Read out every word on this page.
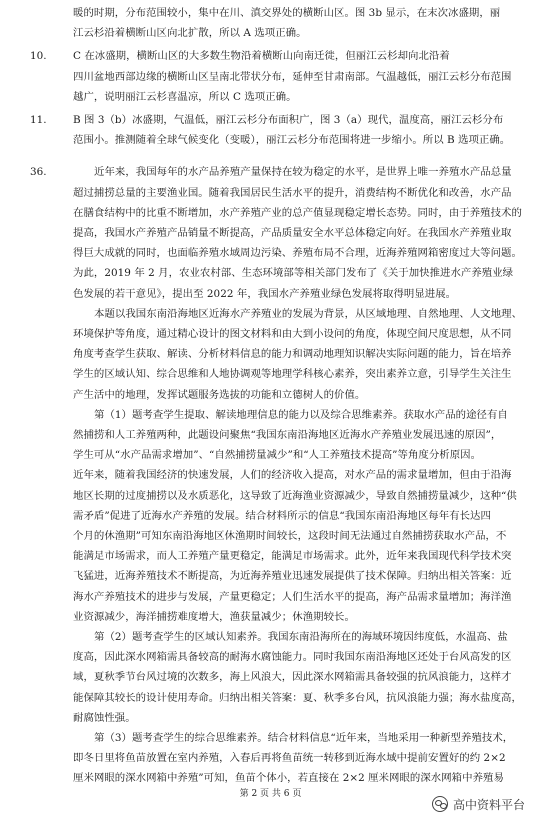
暖的时期，分布范围较小，集中在川、滇交界处的横断山区。图 3b 显示，在末次冰盛期，丽
江云杉沿着横断山区向北扩散，所以 A 选项正确。
C 在冰盛期，横断山区的大多数生物沿着横断山向南迁徙，但丽江云杉却向北沿着
10.
四川盆地西部边缘的横断山区呈南北带状分布，延伸至甘肃南部。气温越低，丽江云杉分布范围
越广，说明丽江云杉喜温凉，所以 C 选项正确。
B 图 3（b）冰盛期，气温低，丽江云杉分布面积广，图 3（a）现代，温度高，丽江云杉分布
11.
范围小。推测随着全球气候变化（变暖），丽江云杉分布范围将进一步缩小。所以 B 选项正确。
近年来，我国每年的水产品养殖产量保持在较为稳定的水平，是世界上唯一养殖水产品总量
36.
超过捕捞总量的主要渔业国。随着我国居民生活水平的提升，消费结构不断优化和改善，水产品
在膳食结构中的比重不断增加，水产养殖产业的总产值显现稳定增长态势。同时，由于养殖技术的
提高，我国水产养殖产品销量不断提高，产品质量安全水平总体稳定向好。在我国水产养殖业取
得巨大成就的同时，也面临养殖水域周边污染、养殖布局不合理，近海养殖网箱密度过大等问题。
为此，2019 年 2 月，农业农村部、生态环境部等相关部门发布了《关于加快推进水产养殖业绿
色发展的若干意见》，提出至 2022 年，我国水产养殖业绿色发展将取得明显进展。
本题以我国东南沿海地区近海水产养殖业的发展为背景，从区域地理、自然地理、人文地理、
环境保护等角度，通过精心设计的图文材料和由大到小设问的角度，体现空间尺度思想，从不同
角度考查学生获取、解读、分析材料信息的能力和调动地理知识解决实际问题的能力，旨在培养
学生的区域认知、综合思维和人地协调观等地理学科核心素养，突出素养立意，引导学生关注生
产生活中的地理，发挥试题服务选拔的功能和立德树人的价值。
第（1）题考查学生提取、解读地理信息的能力以及综合思维素养。获取水产品的途径有自
然捕捞和人工养殖两种，此题设问聚焦“我国东南沿海地区近海水产养殖业发展迅速的原因”，
学生可从“水产品需求增加”、“自然捕捞量减少”和“人工养殖技术提高”等角度分析原因。
近年来，随着我国经济的快速发展，人们的经济收入提高，对水产品的需求量增加，但由于沿海
地区长期的过度捕捞以及水质恶化，这导致了近海渔业资源减少，导致自然捕捞量减少，这种“供
需矛盾”促进了近海水产养殖的发展。结合材料所示的信息“我国东南沿海地区每年有长达四
个月的休渔期”可知东南沿海地区休渔期时间较长，这段时间无法通过自然捕捞获取水产品，不
能满足市场需求，而人工养殖产量更稳定，能满足市场需求。此外，近年来我国现代科学技术突
飞猛进，近海养殖技术不断提高，为近海养殖业迅速发展提供了技术保障。归纳出相关答案：近
海水产养殖技术的进步与发展，产量更稳定；人们生活水平的提高，海产品需求量增加；海洋渔
业资源减少，海洋捕捞难度增大，渔获量减少；休渔期较长。
第（2）题考查学生的区域认知素养。我国东南沿海所在的海域环境因纬度低，水温高、盐
度高，因此深水网箱需具备较高的耐海水腐蚀能力。同时我国东南沿海地区还处于台风高发的区
域，夏秋季节台风过境的次数多，海上风浪大，因此深水网箱需具备较强的抗风浪能力，这样才
能保障其较长的设计使用寿命。归纳出相关答案：夏、秋季多台风，抗风浪能力强；海水盐度高，
耐腐蚀性强。
第（3）题考查学生的综合思维素养。结合材料信息“近年来，当地采用一种新型养殖技术，
即冬日里将鱼苗放置在室内养殖，入春后再将鱼苗统一转移到近海水域中提前安置好的约 2×2
厘米网眼的深水网箱中养殖”可知，鱼苗个体小，若直接在 2×2 厘米网眼的深水网箱中养殖易
第 2 页 共 6 页
高中资料平台
